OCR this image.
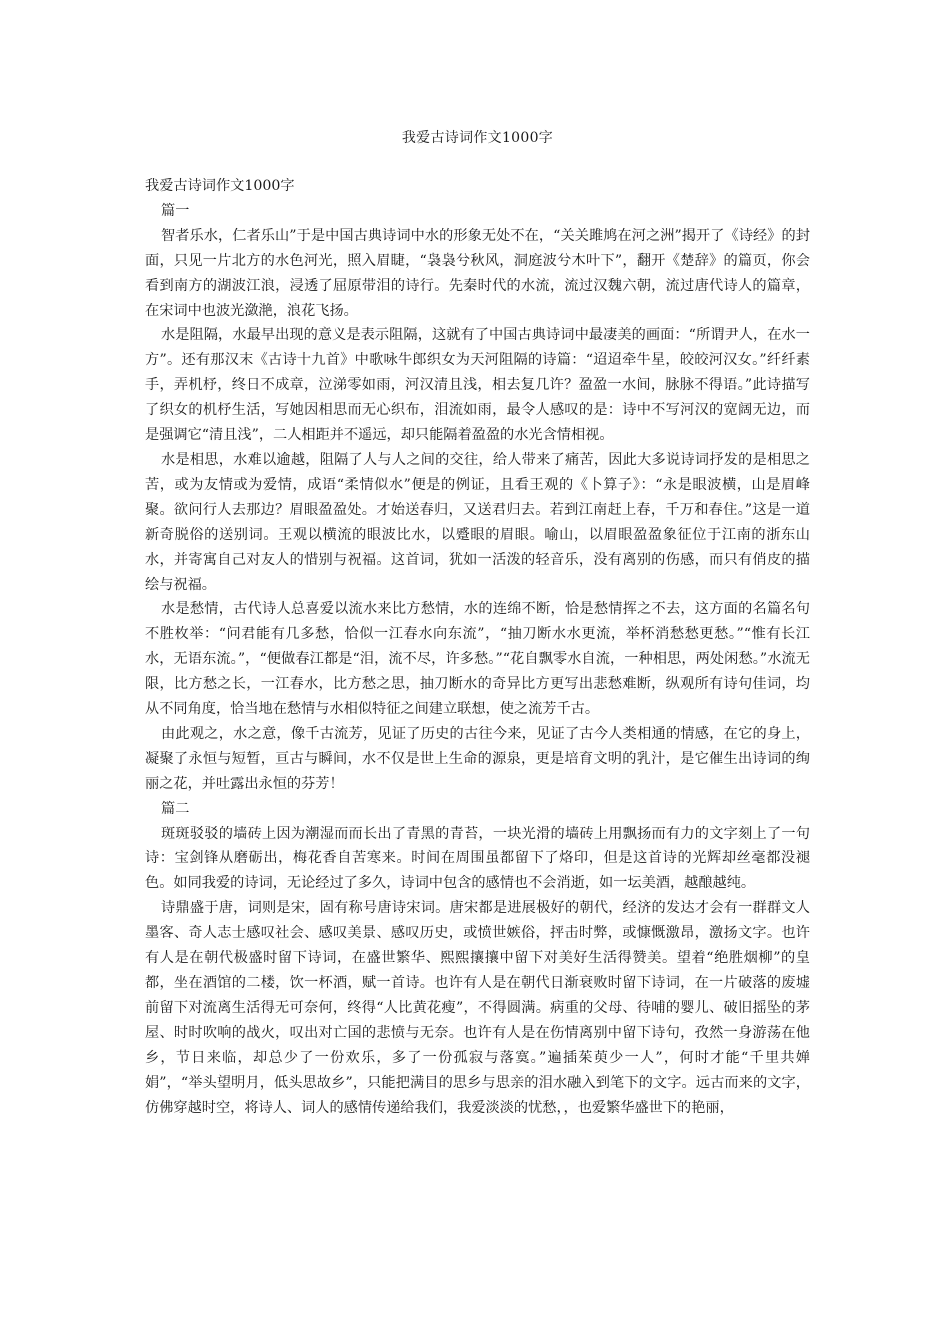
我爱古诗词作文1000字

我爱古诗词作文1000字

篇一

智者乐水，仁者乐山”于是中国古典诗词中水的形象无处不在，“关关雎鸠在河之洲”揭开了《诗经》的封面，只见一片北方的水色河光，照入眉睫，“袅袅兮秋风，洞庭波兮木叶下”，翻开《楚辞》的篇页，你会看到南方的湖波江浪，浸透了屈原带泪的诗行。先秦时代的水流，流过汉魏六朝，流过唐代诗人的篇章，在宋词中也波光潋滟，浪花飞扬。

水是阻隔，水最早出现的意义是表示阻隔，这就有了中国古典诗词中最凄美的画面：“所谓尹人，在水一方”。还有那汉末《古诗十九首》中歌咏牛郎织女为天河阻隔的诗篇：“迢迢牵牛星，皎皎河汉女。”纤纤素手，弄机杼，终日不成章，泣涕零如雨，河汉清且浅，相去复几许？盈盈一水间，脉脉不得语。”此诗描写了织女的机杼生活，写她因相思而无心织布，泪流如雨，最令人感叹的是：诗中不写河汉的宽阔无边，而是强调它“清且浅”，二人相距并不遥远，却只能隔着盈盈的水光含情相视。

水是相思，水难以逾越，阻隔了人与人之间的交往，给人带来了痛苦，因此大多说诗词抒发的是相思之苦，或为友情或为爱情，成语“柔情似水”便是的例证，且看王观的《卜算子》：“永是眼波横，山是眉峰聚。欲问行人去那边？眉眼盈盈处。才始送春归，又送君归去。若到江南赶上春，千万和春住。”这是一道新奇脱俗的送别词。王观以横流的眼波比水，以蹙眼的眉眼。喻山，以眉眼盈盈象征位于江南的浙东山水，并寄寓自己对友人的惜别与祝福。这首词，犹如一活泼的轻音乐，没有离别的伤感，而只有俏皮的描绘与祝福。

水是愁情，古代诗人总喜爱以流水来比方愁情，水的连绵不断，恰是愁情挥之不去，这方面的名篇名句不胜枚举：“问君能有几多愁，恰似一江春水向东流”，“抽刀断水水更流，举杯消愁愁更愁。”“惟有长江水，无语东流。”，“便做春江都是“泪，流不尽，许多愁。”“花自飘零水自流，一种相思，两处闲愁。”水流无限，比方愁之长，一江春水，比方愁之思，抽刀断水的奇异比方更写出悲愁难断，纵观所有诗句佳词，均从不同角度，恰当地在愁情与水相似特征之间建立联想，使之流芳千古。

由此观之，水之意，像千古流芳，见证了历史的古往今来，见证了古今人类相通的情感，在它的身上，凝聚了永恒与短暂，亘古与瞬间，水不仅是世上生命的源泉，更是培育文明的乳汁，是它催生出诗词的绚丽之花，并吐露出永恒的芬芳！

篇二

斑斑驳驳的墙砖上因为潮湿而而长出了青黑的青苔，一块光滑的墙砖上用飘扬而有力的文字刻上了一句诗：宝剑锋从磨砺出，梅花香自苦寒来。时间在周围虽都留下了烙印，但是这首诗的光辉却丝毫都没褪色。如同我爱的诗词，无论经过了多久，诗词中包含的感情也不会消逝，如一坛美酒，越酿越纯。

诗鼎盛于唐，词则是宋，固有称号唐诗宋词。唐宋都是进展极好的朝代，经济的发达才会有一群群文人墨客、奇人志士感叹社会、感叹美景、感叹历史，或愤世嫉俗，抨击时弊，或慷慨激昂，激扬文字。也许有人是在朝代极盛时留下诗词，在盛世繁华、熙熙攘攘中留下对美好生活得赞美。望着“绝胜烟柳”的皇都，坐在酒馆的二楼，饮一杯酒，赋一首诗。也许有人是在朝代日渐衰败时留下诗词，在一片破落的废墟前留下对流离生活得无可奈何，终得“人比黄花瘦”，不得圆满。病重的父母、待哺的婴儿、破旧摇坠的茅屋、时时吹响的战火，叹出对亡国的悲愤与无奈。也许有人是在伤情离别中留下诗句，孜然一身游荡在他乡，节日来临，却总少了一份欢乐，多了一份孤寂与落寞。”遍插茱萸少一人”，何时才能“千里共婵娟”，“举头望明月，低头思故乡”，只能把满目的思乡与思亲的泪水融入到笔下的文字。远古而来的文字，仿佛穿越时空，将诗人、词人的感情传递给我们，我爱淡淡的忧愁，，也爱繁华盛世下的艳丽，
